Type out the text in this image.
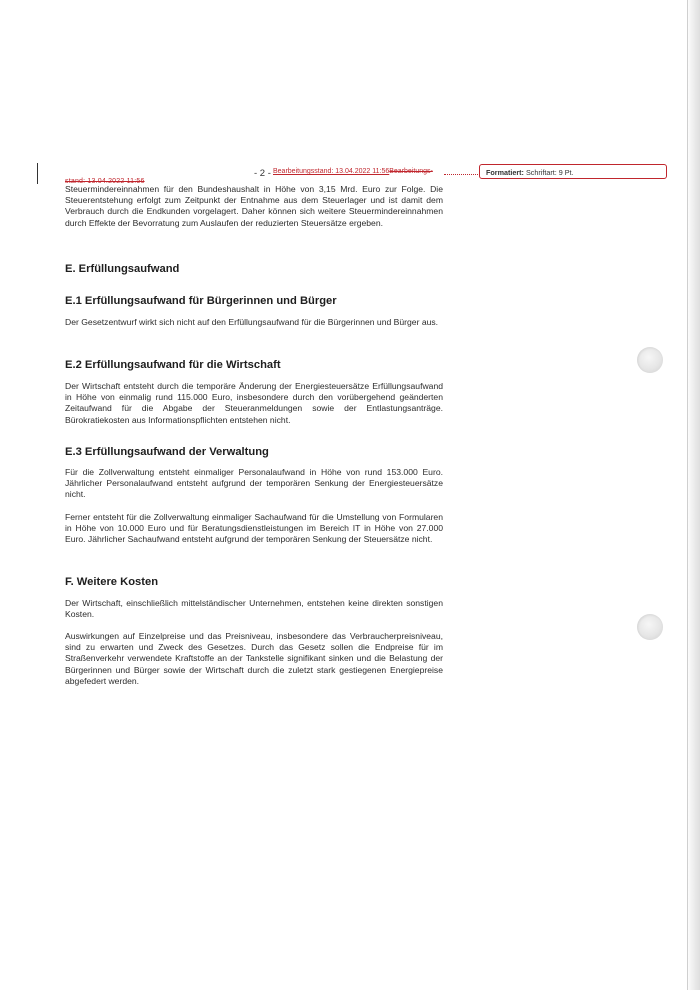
stand: 13.04.2022 11:56
- 2 - Bearbeitungsstand: 13.04.2022 11:56Bearbeitungs-	Formatiert: Schriftart: 9 Pt.

Steuermindereinnahmen für den Bundeshaushalt in Höhe von 3,15 Mrd. Euro zur Folge. Die Steuerentstehung erfolgt zum Zeitpunkt der Entnahme aus dem Steuerlager und ist damit dem Verbrauch durch die Endkunden vorgelagert. Daher können sich weitere Steuermindereinnahmen durch Effekte der Bevorratung zum Auslaufen der reduzierten Steuersätze ergeben.

E. Erfüllungsaufwand
E.1 Erfüllungsaufwand für Bürgerinnen und Bürger

Der Gesetzentwurf wirkt sich nicht auf den Erfüllungsaufwand für die Bürgerinnen und Bürger aus.

E.2 Erfüllungsaufwand für die Wirtschaft

Der Wirtschaft entsteht durch die temporäre Änderung der Energiesteuersätze Erfüllungsaufwand in Höhe von einmalig rund 115.000 Euro, insbesondere durch den vorübergehend geänderten Zeitaufwand für die Abgabe der Steueranmeldungen sowie der Entlastungsanträge. Bürokratiekosten aus Informationspflichten entstehen nicht.

E.3 Erfüllungsaufwand der Verwaltung

Für die Zollverwaltung entsteht einmaliger Personalaufwand in Höhe von rund 153.000 Euro. Jährlicher Personalaufwand entsteht aufgrund der temporären Senkung der Energiesteuersätze nicht.

Ferner entsteht für die Zollverwaltung einmaliger Sachaufwand für die Umstellung von Formularen in Höhe von 10.000 Euro und für Beratungsdienstleistungen im Bereich IT in Höhe von 27.000 Euro. Jährlicher Sachaufwand entsteht aufgrund der temporären Senkung der Steuersätze nicht.

F. Weitere Kosten

Der Wirtschaft, einschließlich mittelständischer Unternehmen, entstehen keine direkten sonstigen Kosten.

Auswirkungen auf Einzelpreise und das Preisniveau, insbesondere das Verbraucherpreisniveau, sind zu erwarten und Zweck des Gesetzes. Durch das Gesetz sollen die Endpreise für im Straßenverkehr verwendete Kraftstoffe an der Tankstelle signifikant sinken und die Belastung der Bürgerinnen und Bürger sowie der Wirtschaft durch die zuletzt stark gestiegenen Energiepreise abgefedert werden.
